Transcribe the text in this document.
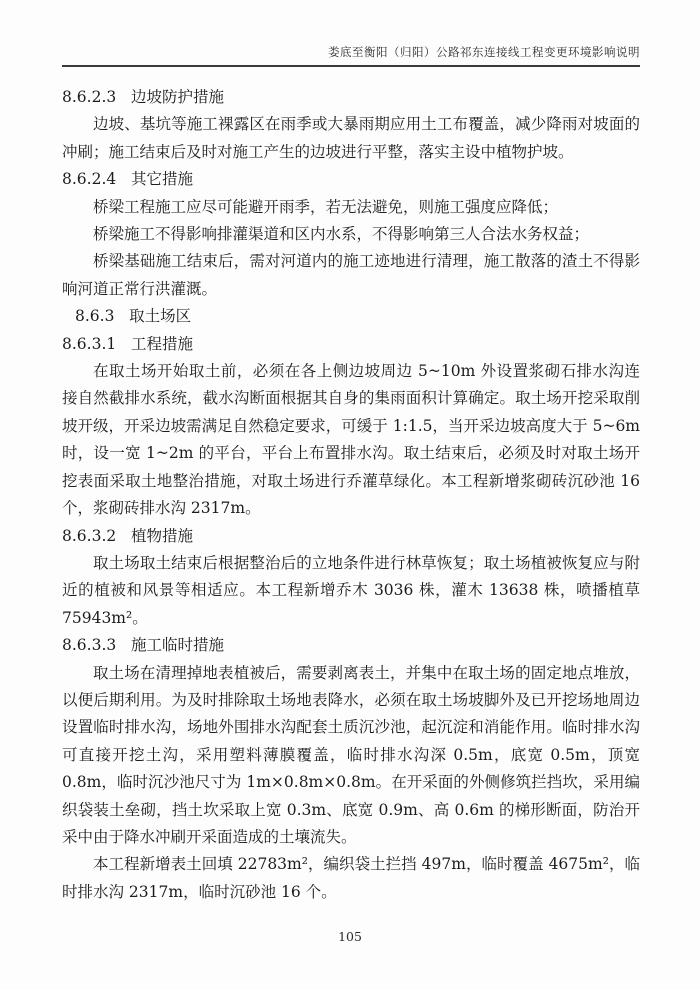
娄底至衡阳（归阳）公路祁东连接线工程变更环境影响说明

8.6.2.3 边坡防护措施

边坡、基坑等施工裸露区在雨季或大暴雨期应用土工布覆盖，减少降雨对坡面的冲刷；施工结束后及时对施工产生的边坡进行平整，落实主设中植物护坡。

8.6.2.4 其它措施

桥梁工程施工应尽可能避开雨季，若无法避免，则施工强度应降低；

桥梁施工不得影响排灌渠道和区内水系，不得影响第三人合法水务权益；

桥梁基础施工结束后，需对河道内的施工迹地进行清理，施工散落的渣土不得影响河道正常行洪灌溉。

8.6.3 取土场区

8.6.3.1 工程措施

在取土场开始取土前，必须在各上侧边坡周边 5~10m 外设置浆砌石排水沟连接自然截排水系统，截水沟断面根据其自身的集雨面积计算确定。取土场开挖采取削坡开级，开采边坡需满足自然稳定要求，可缓于 1:1.5，当开采边坡高度大于 5~6m 时，设一宽 1~2m 的平台，平台上布置排水沟。取土结束后，必须及时对取土场开挖表面采取土地整治措施，对取土场进行乔灌草绿化。本工程新增浆砌砖沉砂池 16 个，浆砌砖排水沟 2317m。

8.6.3.2 植物措施

取土场取土结束后根据整治后的立地条件进行林草恢复；取土场植被恢复应与附近的植被和风景等相适应。本工程新增乔木 3036 株，灌木 13638 株，喷播植草 75943m²。

8.6.3.3 施工临时措施

取土场在清理掉地表植被后，需要剥离表土，并集中在取土场的固定地点堆放，以便后期利用。为及时排除取土场地表降水，必须在取土场坡脚外及已开挖场地周边设置临时排水沟，场地外围排水沟配套土质沉沙池，起沉淀和消能作用。临时排水沟可直接开挖土沟，采用塑料薄膜覆盖，临时排水沟深 0.5m，底宽 0.5m，顶宽 0.8m，临时沉沙池尺寸为 1m×0.8m×0.8m。在开采面的外侧修筑拦挡坎，采用编织袋装土垒砌，挡土坎采取上宽 0.3m、底宽 0.9m、高 0.6m 的梯形断面，防治开采中由于降水冲刷开采面造成的土壤流失。

本工程新增表土回填 22783m²，编织袋土拦挡 497m，临时覆盖 4675m²，临时排水沟 2317m，临时沉砂池 16 个。

105
